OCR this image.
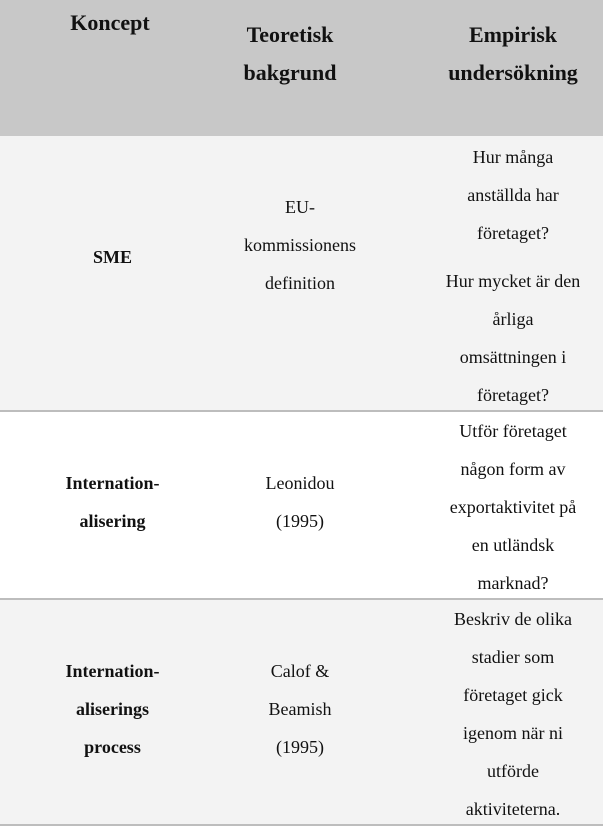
Koncept	Teoretisk
bakgrund
Empirisk
undersökning
SME
EU-
kommissionens
definition
Hur många
anställda har
företaget?
Hur mycket är den
årliga
omsättningen i
företaget?
Internation-
alisering
Leonidou
(1995)
Utför företaget
någon form av
exportaktivitet på
en utländsk
marknad?
Internation-
aliserings
process
Calof &
Beamish
(1995)
Beskriv de olika
stadier som
företaget gick
igenom när ni
utförde
aktiviteterna.
